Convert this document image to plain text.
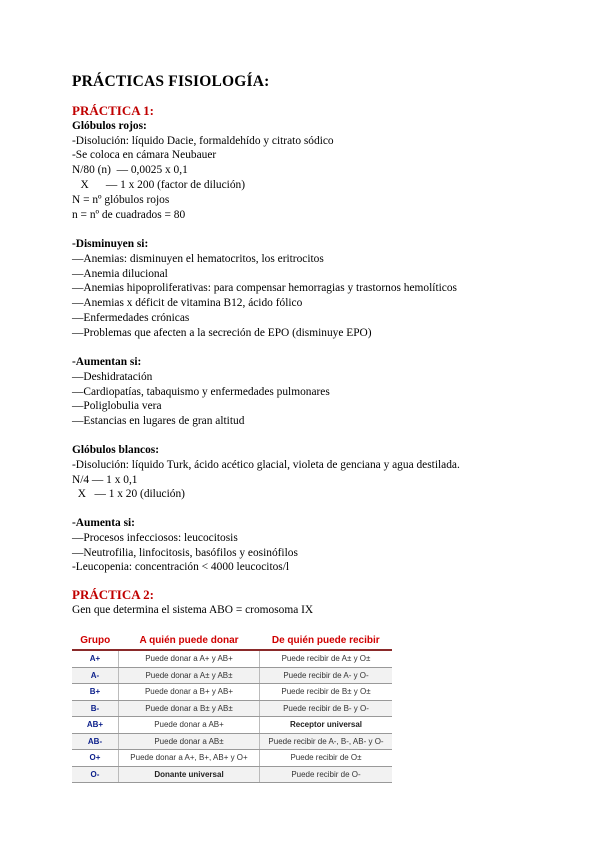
PRÁCTICAS FISIOLOGÍA:
PRÁCTICA 1:
Glóbulos rojos:
-Disolución: líquido Dacie, formaldehído y citrato sódico
-Se coloca en cámara Neubauer
N/80 (n)  — 0,0025 x 0,1
X      — 1 x 200 (factor de dilución)
N = nº glóbulos rojos
n = nº de cuadrados = 80
-Disminuyen si:
—Anemias: disminuyen el hematocritos, los eritrocitos
—Anemia dilucional
—Anemias hipoproliferativas: para compensar hemorragias y trastornos hemolíticos
—Anemias x déficit de vitamina B12, ácido fólico
—Enfermedades crónicas
—Problemas que afecten a la secreción de EPO (disminuye EPO)
-Aumentan si:
—Deshidratación
—Cardiopatías, tabaquismo y enfermedades pulmonares
—Poliglobulia vera
—Estancias en lugares de gran altitud
Glóbulos blancos:
-Disolución: líquido Turk, ácido acético glacial, violeta de genciana y agua destilada.
N/4 — 1 x 0,1
X   — 1 x 20 (dilución)
-Aumenta si:
—Procesos infecciosos: leucocitosis
—Neutrofilia, linfocitosis, basófilos y eosinófilos
-Leucopenia: concentración < 4000 leucocitos/l
PRÁCTICA 2:
Gen que determina el sistema ABO = cromosoma IX
Grupo	A quién puede donar	De quién puede recibir
A+	Puede donar a A+ y AB+	Puede recibir de A± y O±
A-	Puede donar a A± y AB±	Puede recibir de A- y O-
B+	Puede donar a B+ y AB+	Puede recibir de B± y O±
B-	Puede donar a B± y AB±	Puede recibir de B- y O-
AB+	Puede donar a AB+	Receptor universal
AB-	Puede donar a AB±	Puede recibir de A-, B-, AB- y O-
O+	Puede donar a A+, B+, AB+ y O+	Puede recibir de O±
O-	Donante universal	Puede recibir de O-
